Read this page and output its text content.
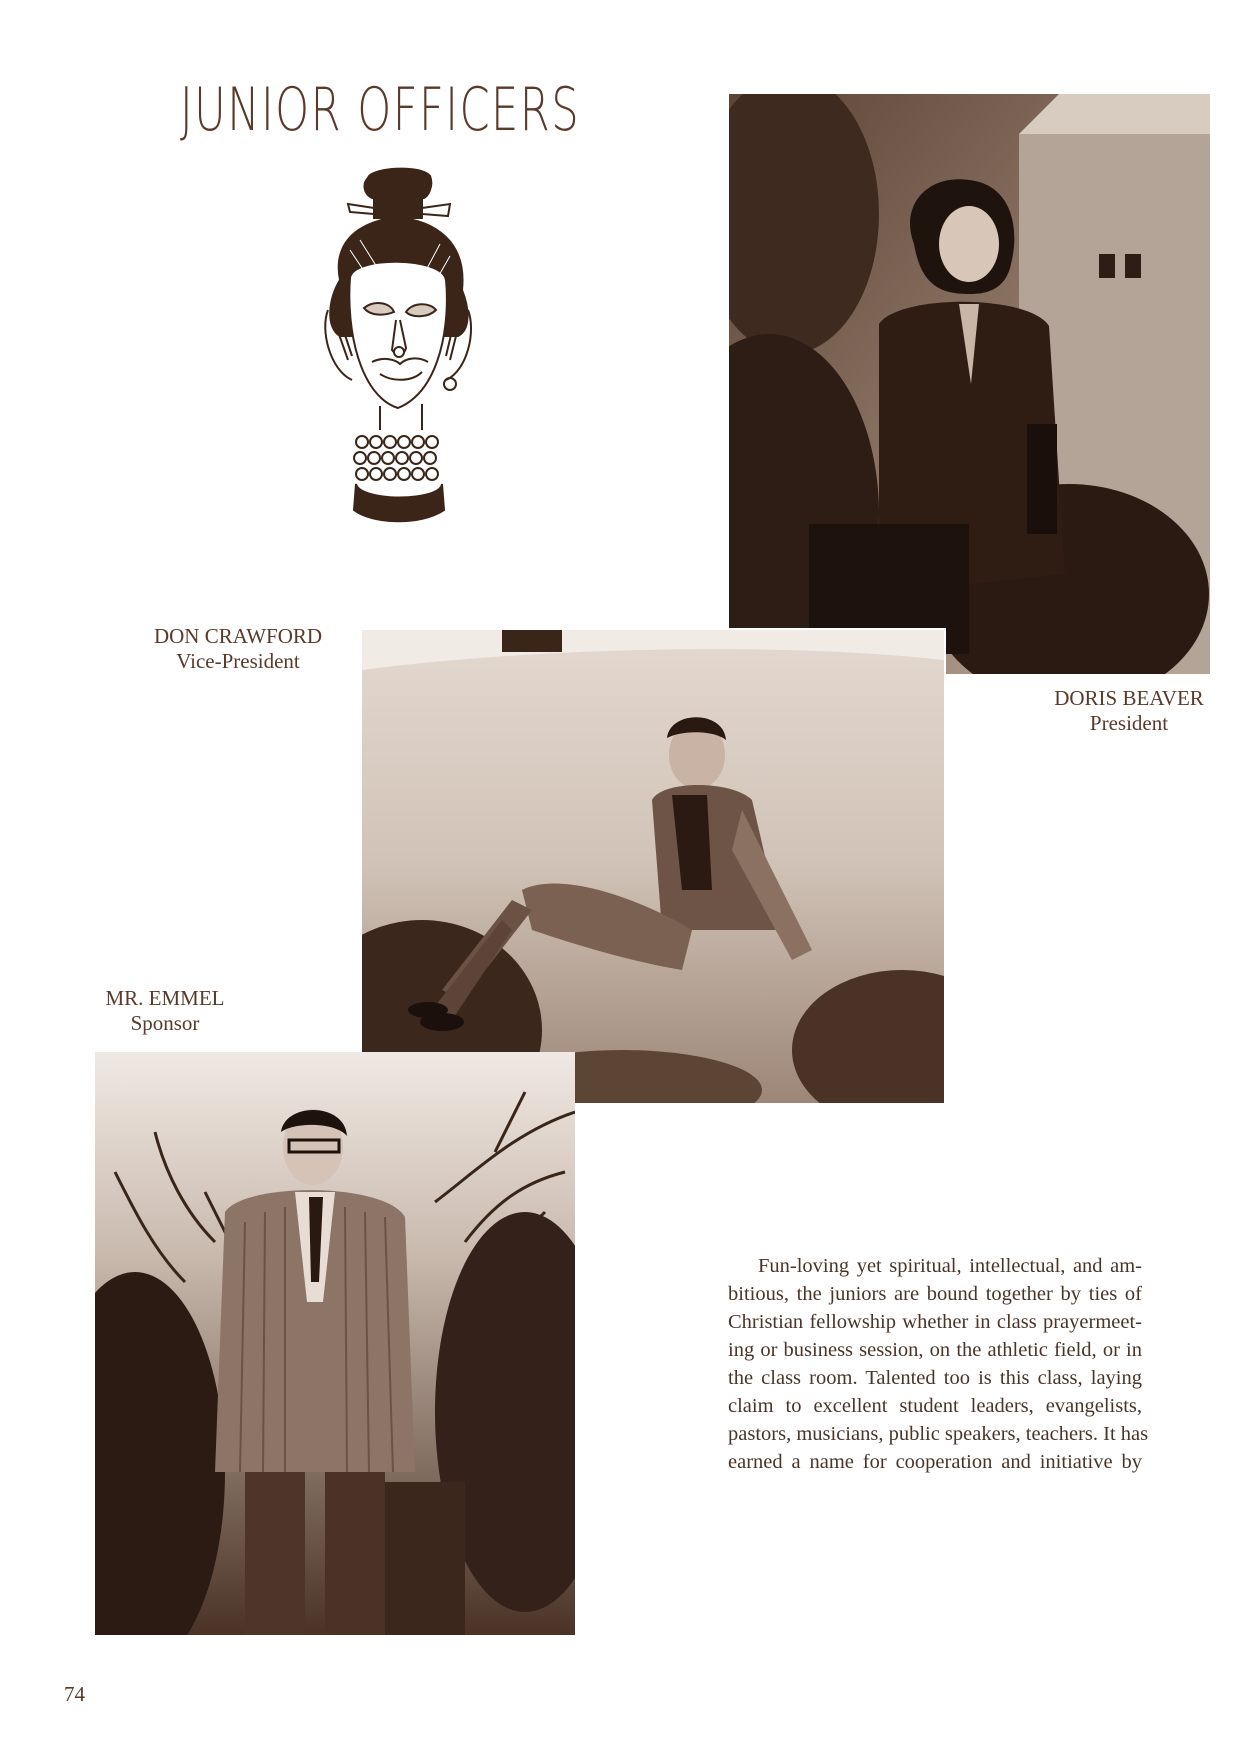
JUNIOR OFFICERS
DON CRAWFORD
Vice-President
DORIS BEAVER
President
MR. EMMEL
Sponsor
Fun-loving yet spiritual, intellectual, and am-
bitious, the juniors are bound together by ties of
Christian fellowship whether in class prayermeet-
ing or business session, on the athletic field, or in
the class room. Talented too is this class, laying
claim to excellent student leaders, evangelists,
pastors, musicians, public speakers, teachers. It has
earned a name for cooperation and initiative by
74
